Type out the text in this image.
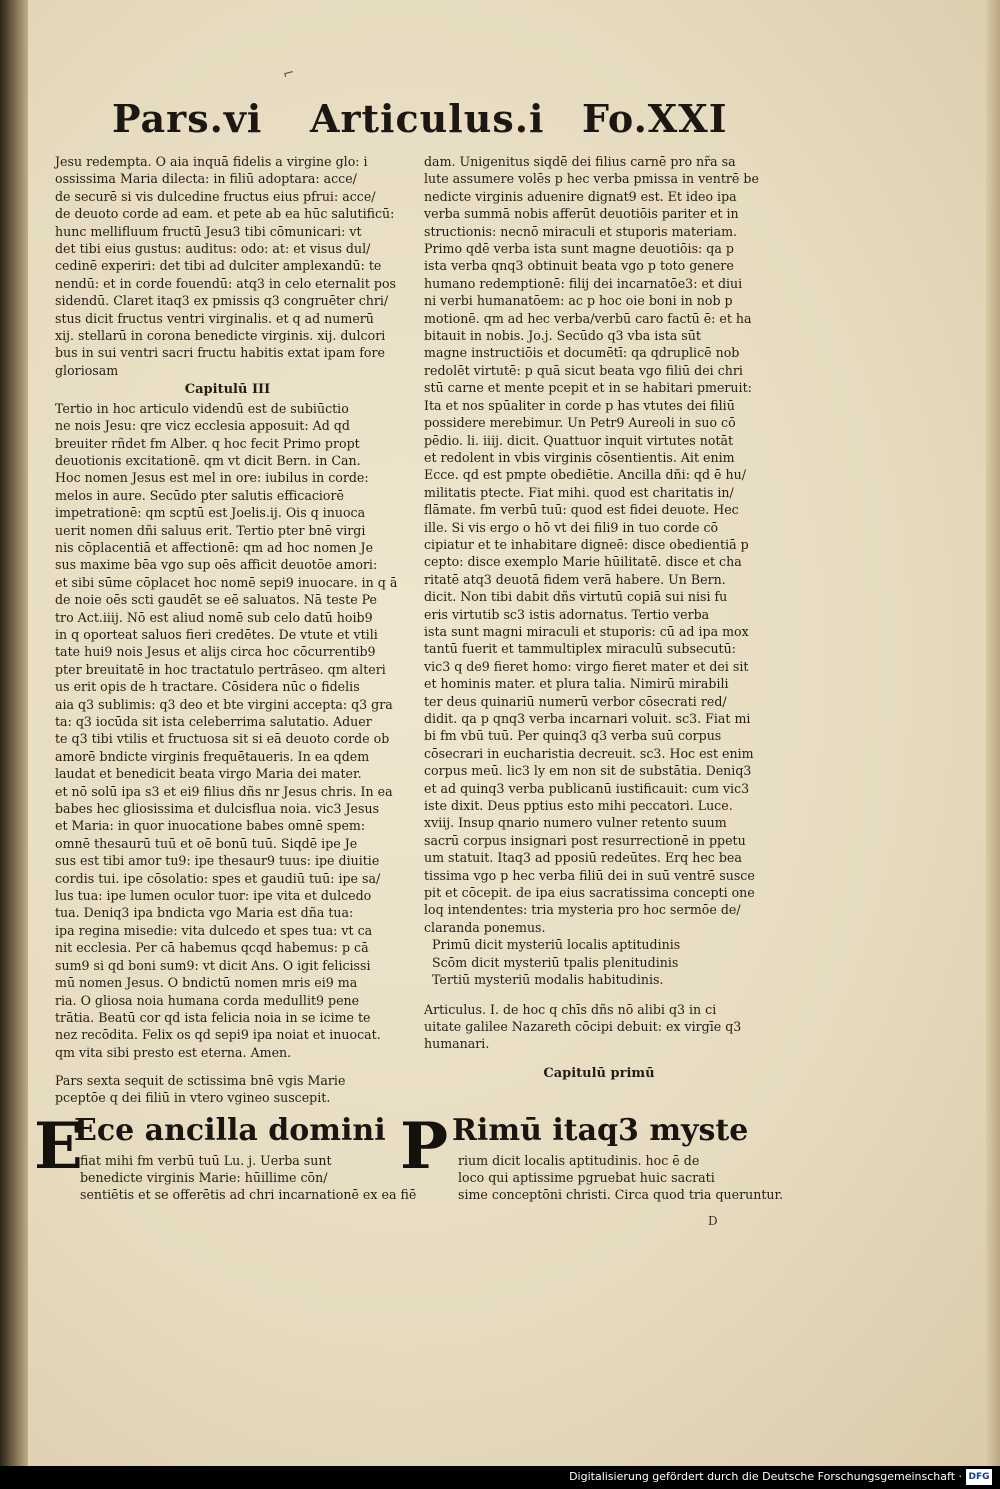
⌐
Pars.vi Articulus.i Fo.XXI

Jesu redempta. O aia inquā fidelis a virgine glo: i

ossissima Maria dilecta: in filiū adoptara: acce/

de securē si vis dulcedine fructus eius pfrui: acce/

de deuoto corde ad eam. et pete ab ea hūc salutificū:

hunc mellifluum fructū Jesu3 tibi cōmunicari: vt

det tibi eius gustus: auditus: odo: at: et visus dul/

cedinē experiri: det tibi ad dulciter amplexandū: te

nendū: et in corde fouendū: atq3 in celo eternalit pos

sidendū. Claret itaq3 ex pmissis q3 congruēter chri/

stus dicit fructus ventri virginalis. et q ad numerū

xij. stellarū in corona benedicte virginis. xij. dulcori

bus in sui ventri sacri fructu habitis extat ipam fore

gloriosam

Capitulū III

Tertio in hoc articulo videndū est de subiūctio

ne nois Jesu: qre vicz ecclesia apposuit: Ad qd

breuiter rñdet fm Alber. q hoc fecit Primo propt

deuotionis excitationē. qm vt dicit Bern. in Can.

Hoc nomen Jesus est mel in ore: iubilus in corde:

melos in aure. Secūdo pter salutis efficaciorē

impetrationē: qm scptū est Joelis.ij. Ois q inuoca

uerit nomen dñi saluus erit. Tertio pter bnē virgi

nis cōplacentiā et affectionē: qm ad hoc nomen Je

sus maxime bēa vgo sup oēs afficit deuotōe amori:

et sibi sūme cōplacet hoc nomē sepi9 inuocare. in q ā

de noie oēs scti gaudēt se eē saluatos. Nā teste Pe

tro Act.iiij. Nō est aliud nomē sub celo datū hoib9

in q oporteat saluos fieri credētes. De vtute et vtili

tate hui9 nois Jesus et alijs circa hoc cōcurrentib9

pter breuitatē in hoc tractatulo pertrāseo. qm alteri

us erit opis de h tractare. Cōsidera nūc o fidelis

aia q3 sublimis: q3 deo et bte virgini accepta: q3 gra

ta: q3 iocūda sit ista celeberrima salutatio. Aduer

te q3 tibi vtilis et fructuosa sit si eā deuoto corde ob

amorē bndicte virginis frequētaueris. In ea qdem

laudat et benedicit beata virgo Maria dei mater.

et nō solū ipa s3 et ei9 filius dñs nr Jesus chris. In ea

babes hec gliosissima et dulcisflua noia. vic3 Jesus

et Maria: in quor inuocatione babes omnē spem:

omnē thesaurū tuū et oē bonū tuū. Siqdē ipe Je

sus est tibi amor tu9: ipe thesaur9 tuus: ipe diuitie

cordis tui. ipe cōsolatio: spes et gaudiū tuū: ipe sa/

lus tua: ipe lumen oculor tuor: ipe vita et dulcedo

tua. Deniq3 ipa bndicta vgo Maria est dña tua:

ipa regina misedie: vita dulcedo et spes tua: vt ca

nit ecclesia. Per cā habemus qcqd habemus: p cā

sum9 si qd boni sum9: vt dicit Ans. O igit felicissi

mū nomen Jesus. O bndictū nomen mris ei9 ma

ria. O gliosa noia humana corda medullit9 pene

trātia. Beatū cor qd ista felicia noia in se icime te

nez recōdita. Felix os qd sepi9 ipa noiat et inuocat.

qm vita sibi presto est eterna. Amen.

dam. Unigenitus siqdē dei filius carnē pro nr̃a sa

lute assumere volēs p hec verba pmissa in ventrē be

nedicte virginis aduenire dignat9 est. Et ideo ipa

verba summā nobis afferūt deuotiōis pariter et in

structionis: necnō miraculi et stuporis materiam.

Primo qdē verba ista sunt magne deuotiōis: qa p

ista verba qnq3 obtinuit beata vgo p toto genere

humano redemptionē: filij dei incarnatōe3: et diui

ni verbi humanatōem: ac p hoc oie boni in nob p

motionē. qm ad hec verba/verbū caro factū ē: et ha

bitauit in nobis. Jo.j. Secūdo q3 vba ista sūt

magne instructiōis et documētī: qa qdruplicē nob

redolēt virtutē: p quā sicut beata vgo filiū dei chri

stū carne et mente pcepit et in se habitari pmeruit:

Ita et nos spūaliter in corde p has vtutes dei filiū

possidere merebimur. Un Petr9 Aureoli in suo cō

pēdio. li. iiij. dicit. Quattuor inquit virtutes notāt

et redolent in vbis virginis cōsentientis. Ait enim

Ecce. qd est pmpte obediētie. Ancilla dñi: qd ē hu/

militatis ptecte. Fiat mihi. quod est charitatis in/

flāmate. fm verbū tuū: quod est fidei deuote. Hec

ille. Si vis ergo o hō vt dei fili9 in tuo corde cō

cipiatur et te inhabitare digneē: disce obedientiā p

cepto: disce exemplo Marie hūilitatē. disce et cha

ritatē atq3 deuotā fidem verā habere. Un Bern.

dicit. Non tibi dabit dñs virtutū copiā sui nisi fu

eris virtutib sc3 istis adornatus. Tertio verba

ista sunt magni miraculi et stuporis: cū ad ipa mox

tantū fuerit et tammultiplex miraculū subsecutū:

vic3 q de9 fieret homo: virgo fieret mater et dei sit

et hominis mater. et plura talia. Nimirū mirabili

ter deus quinariū numerū verbor cōsecrati red/

didit. qa p qnq3 verba incarnari voluit. sc3. Fiat mi

bi fm vbū tuū. Per quinq3 q3 verba suū corpus

cōsecrari in eucharistia decreuit. sc3. Hoc est enim

corpus meū. lic3 ly em non sit de substātia. Deniq3

et ad quinq3 verba publicanū iustificauit: cum vic3

iste dixit. Deus pptius esto mihi peccatori. Luce.

xviij. Insup qnario numero vulner retento suum

sacrū corpus insignari post resurrectionē in ppetu

um statuit. Itaq3 ad pposiū redeūtes. Erq hec bea

tissima vgo p hec verba filiū dei in suū ventrē susce

pit et cōcepit. de ipa eius sacratissima concepti one

loq intendentes: tria mysteria pro hoc sermōe de/

claranda ponemus.

Primū dicit mysteriū localis aptitudinis

Scōm dicit mysteriū tpalis plenitudinis

Tertiū mysteriū modalis habitudinis.

Articulus. I. de hoc q chīs dñs nō alibi q3 in ci

uitate galilee Nazareth cōcipi debuit: ex virgīe q3

humanari.

Capitulū primū

Pars sexta sequit de sctissima bnē vgis Marie

pceptōe q dei filiū in vtero vgineo suscepit.

E
Ece ancilla domini P Rimū itaq3 myste

fiat mihi fm verbū tuū Lu. j. Uerba sunt

benedicte virginis Marie: hūillime cōn/

sentiētis et se offerētis ad chri incarnationē ex ea fiē

rium dicit localis aptitudinis. hoc ē de

loco qui aptissime pgruebat huic sacrati

sime conceptōni christi. Circa quod tria queruntur.

D
Digitalisierung gefördert durch die Deutsche Forschungsgemeinschaft · DFG
